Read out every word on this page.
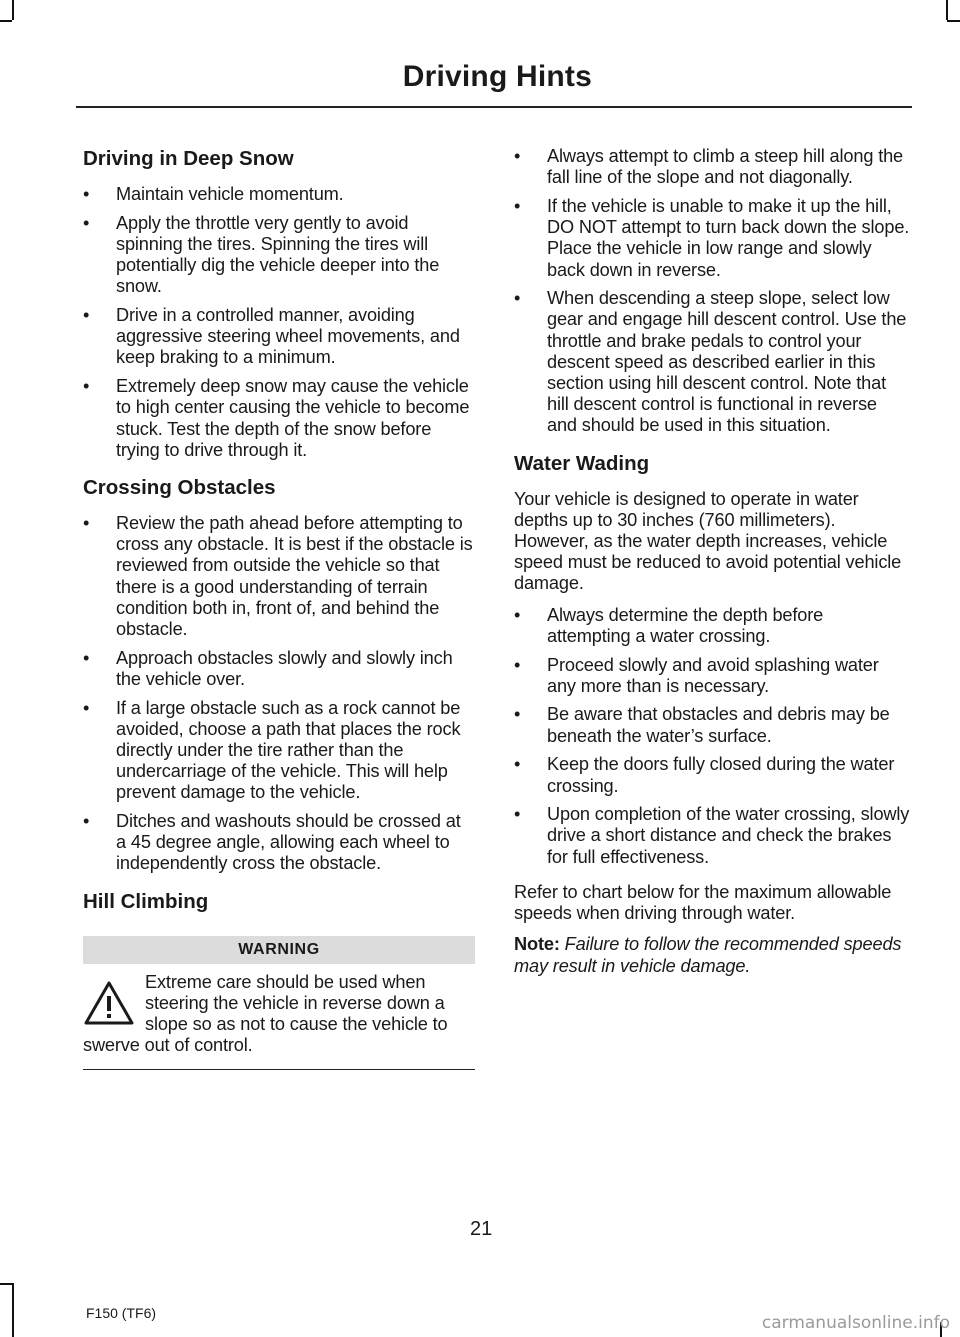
Driving Hints
Driving in Deep Snow
• Maintain vehicle momentum.
• Apply the throttle very gently to avoid spinning the tires. Spinning the tires will potentially dig the vehicle deeper into the snow.
• Drive in a controlled manner, avoiding aggressive steering wheel movements, and keep braking to a minimum.
• Extremely deep snow may cause the vehicle to high center causing the vehicle to become stuck. Test the depth of the snow before trying to drive through it.
Crossing Obstacles
• Review the path ahead before attempting to cross any obstacle. It is best if the obstacle is reviewed from outside the vehicle so that there is a good understanding of terrain condition both in, front of, and behind the obstacle.
• Approach obstacles slowly and slowly inch the vehicle over.
• If a large obstacle such as a rock cannot be avoided, choose a path that places the rock directly under the tire rather than the undercarriage of the vehicle. This will help prevent damage to the vehicle.
• Ditches and washouts should be crossed at a 45 degree angle, allowing each wheel to independently cross the obstacle.
Hill Climbing
WARNING
Extreme care should be used when steering the vehicle in reverse down a slope so as not to cause the vehicle to swerve out of control.
• Always attempt to climb a steep hill along the fall line of the slope and not diagonally.
• If the vehicle is unable to make it up the hill, DO NOT attempt to turn back down the slope. Place the vehicle in low range and slowly back down in reverse.
• When descending a steep slope, select low gear and engage hill descent control. Use the throttle and brake pedals to control your descent speed as described earlier in this section using hill descent control. Note that hill descent control is functional in reverse and should be used in this situation.
Water Wading

Your vehicle is designed to operate in water depths up to 30 inches (760 millimeters). However, as the water depth increases, vehicle speed must be reduced to avoid potential vehicle damage.

• Always determine the depth before attempting a water crossing.
• Proceed slowly and avoid splashing water any more than is necessary.
• Be aware that obstacles and debris may be beneath the water’s surface.
• Keep the doors fully closed during the water crossing.
• Upon completion of the water crossing, slowly drive a short distance and check the brakes for full effectiveness.

Refer to chart below for the maximum allowable speeds when driving through water.

Note: Failure to follow the recommended speeds may result in vehicle damage.

21
F150 (TF6)	carmanualsonline.info
